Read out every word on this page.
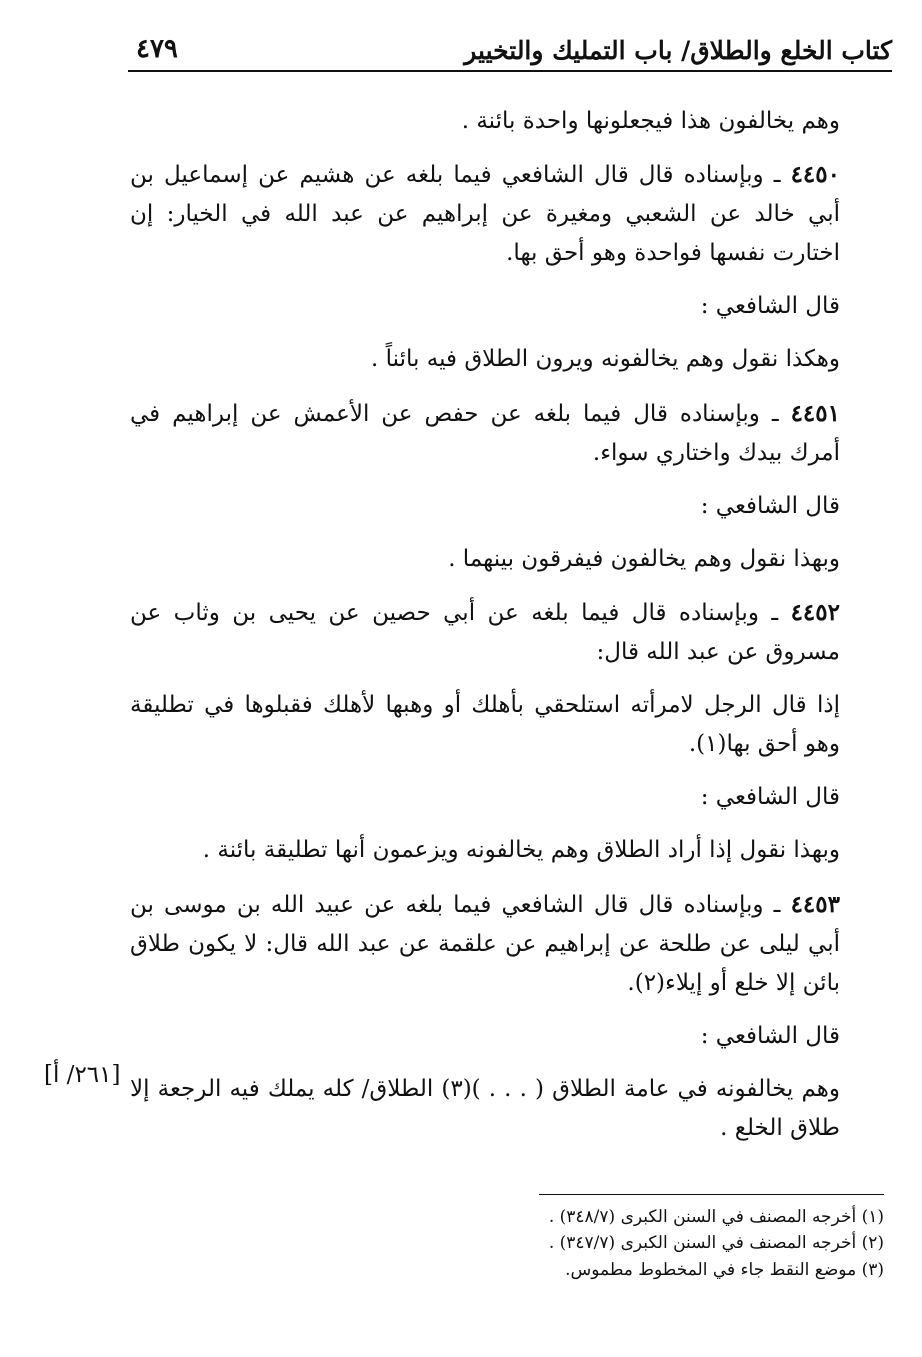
كتاب الخلع والطلاق/ باب التمليك والتخيير
٤٧٩

وهم يخالفون هذا فيجعلونها واحدة بائنة .

٤٤٥٠ ـ وبإسناده قال قال الشافعي فيما بلغه عن هشيم عن إسماعيل بن أبي خالد عن الشعبي ومغيرة عن إبراهيم عن عبد الله في الخيار: إن اختارت نفسها فواحدة وهو أحق بها.

قال الشافعي :

وهكذا نقول وهم يخالفونه ويرون الطلاق فيه بائناً .

٤٤٥١ ـ وبإسناده قال فيما بلغه عن حفص عن الأعمش عن إبراهيم في أمرك بيدك واختاري سواء.

قال الشافعي :

وبهذا نقول وهم يخالفون فيفرقون بينهما .

٤٤٥٢ ـ وبإسناده قال فيما بلغه عن أبي حصين عن يحيى بن وثاب عن مسروق عن عبد الله قال:

إذا قال الرجل لامرأته استلحقي بأهلك أو وهبها لأهلك فقبلوها في تطليقة وهو أحق بها(١).

قال الشافعي :

وبهذا نقول إذا أراد الطلاق وهم يخالفونه ويزعمون أنها تطليقة بائنة .

٤٤٥٣ ـ وبإسناده قال قال الشافعي فيما بلغه عن عبيد الله بن موسى بن أبي ليلى عن طلحة عن إبراهيم عن علقمة عن عبد الله قال: لا يكون طلاق بائن إلا خلع أو إيلاء(٢).

قال الشافعي :

وهم يخالفونه في عامة الطلاق ( . . . )(٣) الطلاق/ كله يملك فيه الرجعة إلا طلاق الخلع .

[٢٦١/ أ]

(١) أخرجه المصنف في السنن الكبرى (٣٤٨/٧) .

(٢) أخرجه المصنف في السنن الكبرى (٣٤٧/٧) .

(٣) موضع النقط جاء في المخطوط مطموس.
